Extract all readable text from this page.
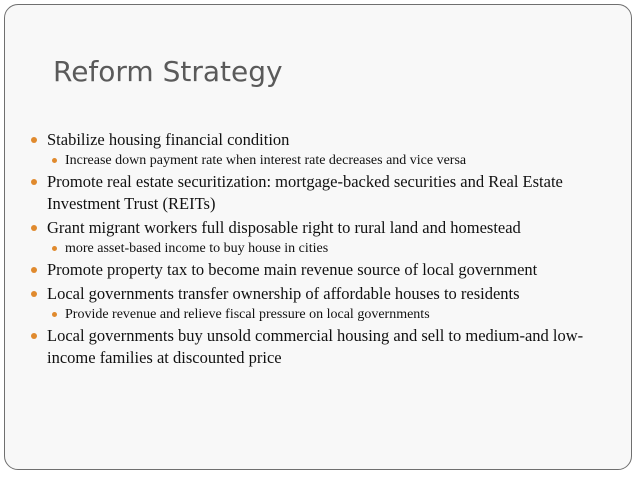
Reform Strategy
Stabilize housing financial condition
Increase down payment rate when interest rate decreases and vice versa
Promote real estate securitization: mortgage-backed securities and Real Estate Investment Trust (REITs)
Grant migrant workers full disposable right to rural land and homestead
more asset-based income to buy house in cities
Promote property tax to become main revenue source of local government
Local governments transfer ownership of affordable houses to residents
Provide revenue and relieve fiscal pressure on local governments
Local governments buy unsold commercial housing and sell to medium-and low-income families at discounted price
